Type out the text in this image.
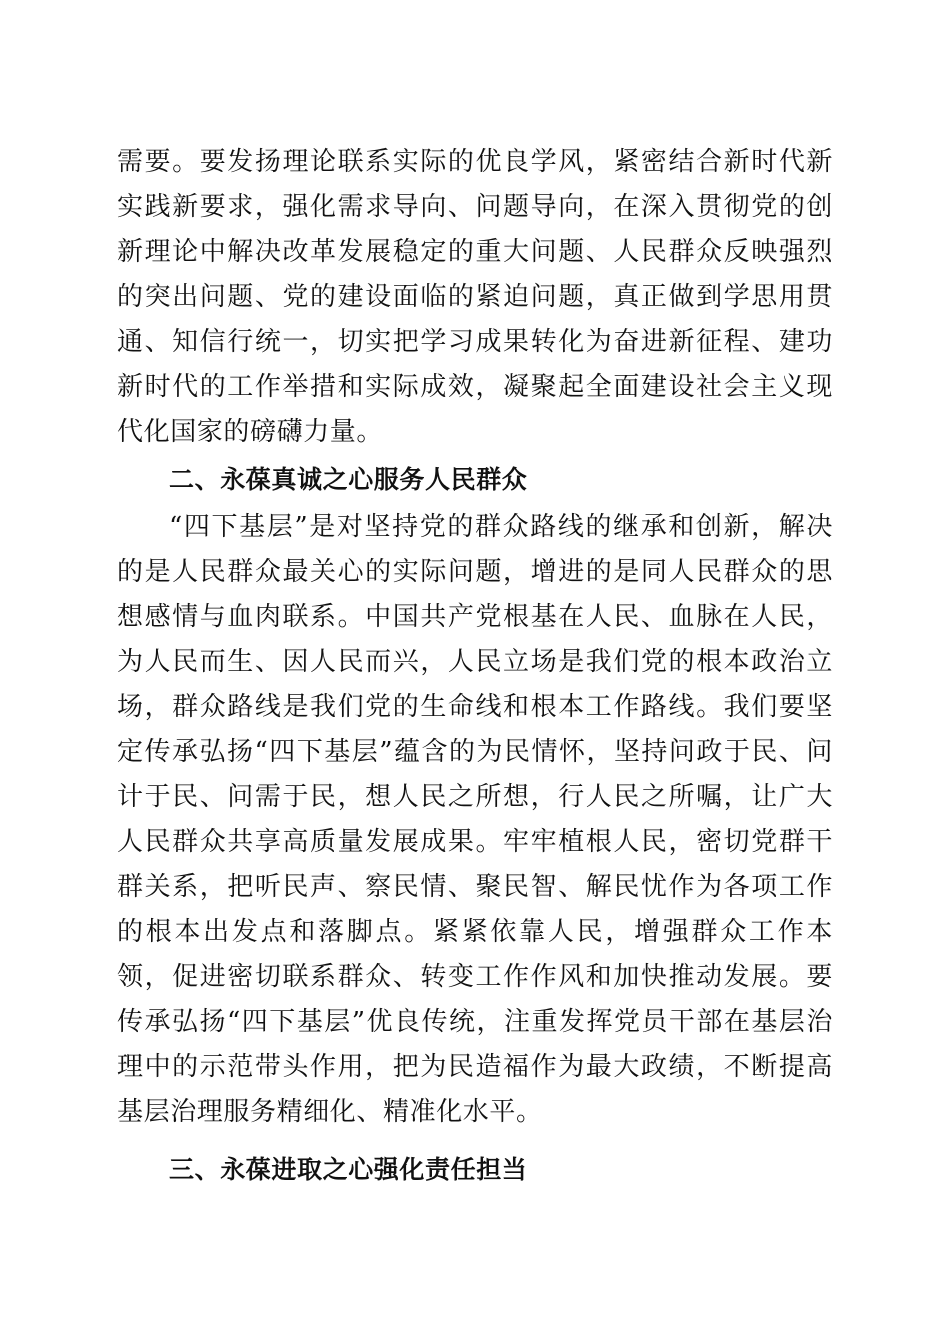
需要。要发扬理论联系实际的优良学风，紧密结合新时代新实践新要求，强化需求导向、问题导向，在深入贯彻党的创新理论中解决改革发展稳定的重大问题、人民群众反映强烈的突出问题、党的建设面临的紧迫问题，真正做到学思用贯通、知信行统一，切实把学习成果转化为奋进新征程、建功新时代的工作举措和实际成效，凝聚起全面建设社会主义现代化国家的磅礴力量。

二、永葆真诚之心服务人民群众

“四下基层”是对坚持党的群众路线的继承和创新，解决的是人民群众最关心的实际问题，增进的是同人民群众的思想感情与血肉联系。中国共产党根基在人民、血脉在人民，为人民而生、因人民而兴，人民立场是我们党的根本政治立场，群众路线是我们党的生命线和根本工作路线。我们要坚定传承弘扬“四下基层”蕴含的为民情怀，坚持问政于民、问计于民、问需于民，想人民之所想，行人民之所嘱，让广大人民群众共享高质量发展成果。牢牢植根人民，密切党群干群关系，把听民声、察民情、聚民智、解民忧作为各项工作的根本出发点和落脚点。紧紧依靠人民，增强群众工作本领，促进密切联系群众、转变工作作风和加快推动发展。要传承弘扬“四下基层”优良传统，注重发挥党员干部在基层治理中的示范带头作用，把为民造福作为最大政绩，不断提高基层治理服务精细化、精准化水平。

三、永葆进取之心强化责任担当
